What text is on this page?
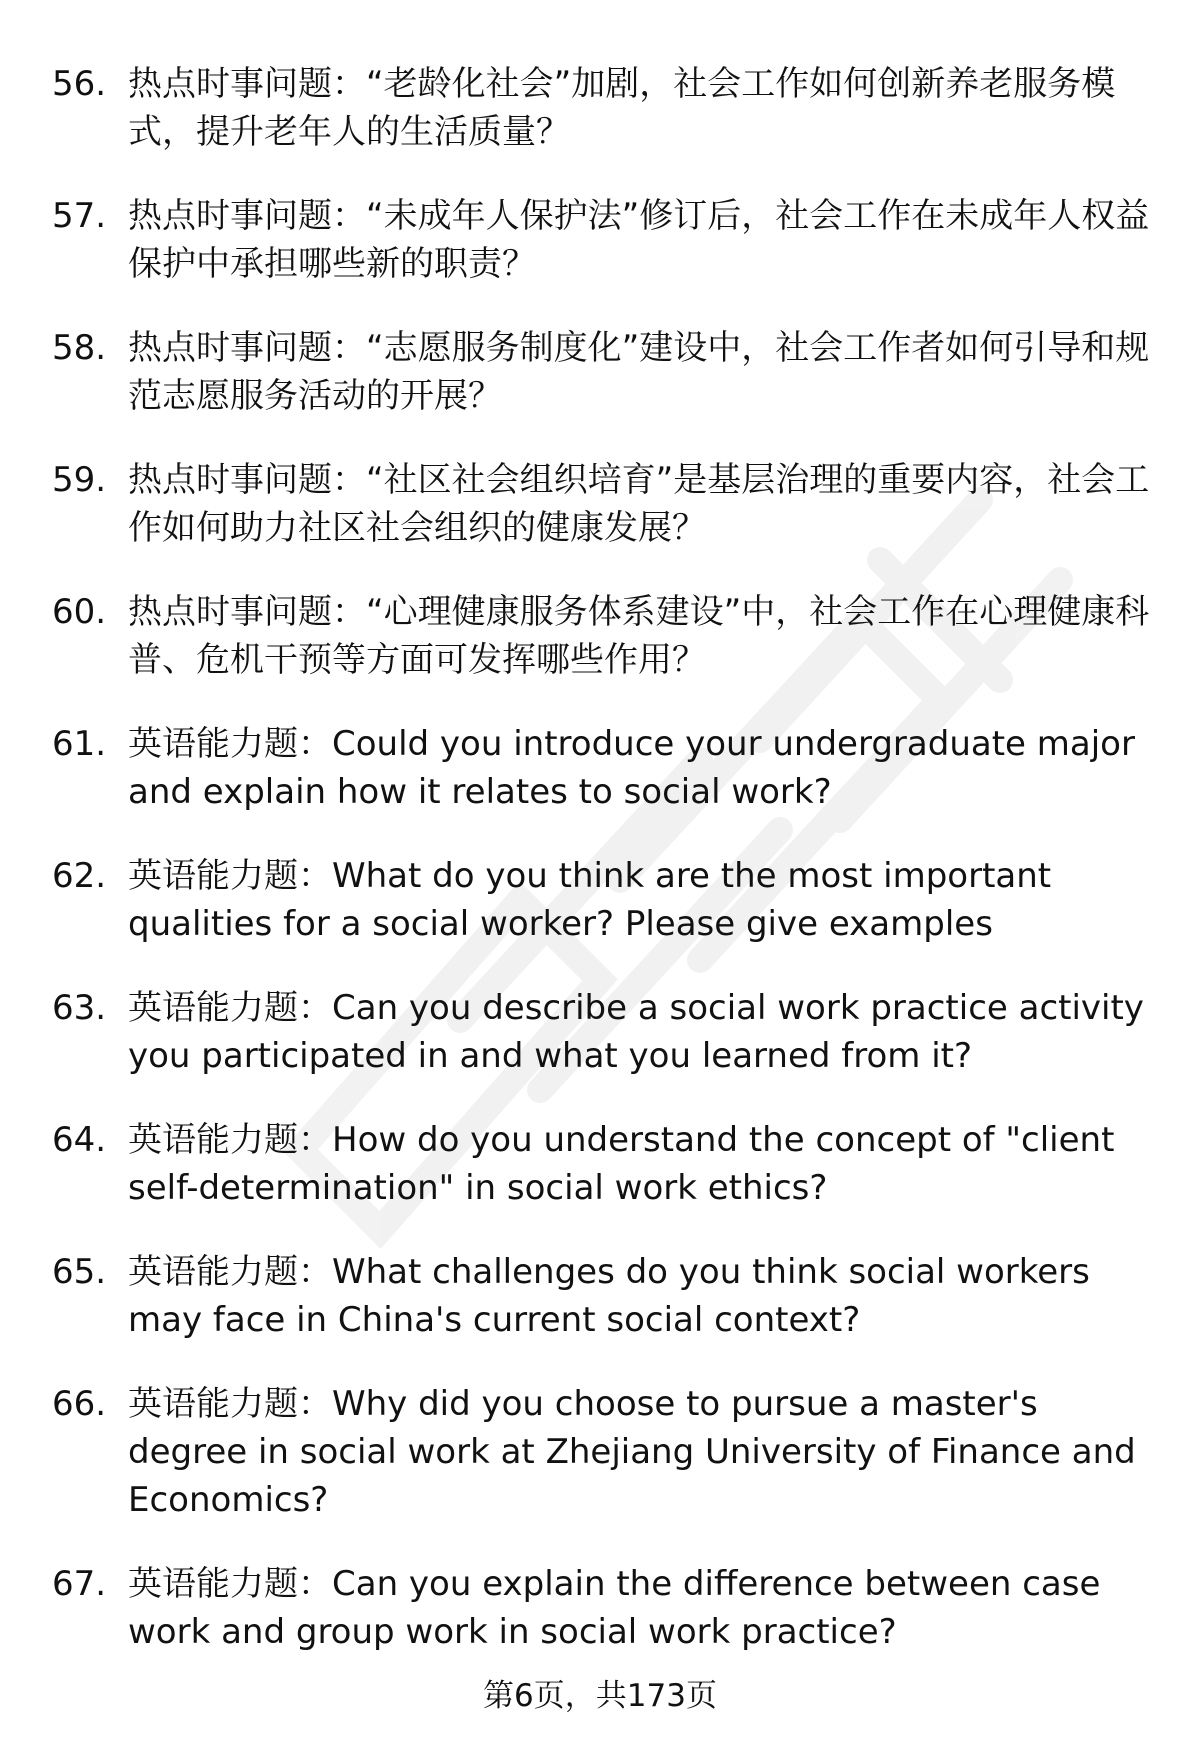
56. 热点时事问题：“老龄化社会”加剧，社会工作如何创新养老服务模式，提升老年人的生活质量？
57. 热点时事问题：“未成年人保护法”修订后，社会工作在未成年人权益保护中承担哪些新的职责？
58. 热点时事问题：“志愿服务制度化”建设中，社会工作者如何引导和规范志愿服务活动的开展？
59. 热点时事问题：“社区社会组织培育”是基层治理的重要内容，社会工作如何助力社区社会组织的健康发展？
60. 热点时事问题：“心理健康服务体系建设”中，社会工作在心理健康科普、危机干预等方面可发挥哪些作用？
61. 英语能力题：Could you introduce your undergraduate major and explain how it relates to social work?
62. 英语能力题：What do you think are the most important qualities for a social worker? Please give examples
63. 英语能力题：Can you describe a social work practice activity you participated in and what you learned from it?
64. 英语能力题：How do you understand the concept of "client self-determination" in social work ethics?
65. 英语能力题：What challenges do you think social workers may face in China's current social context?
66. 英语能力题：Why did you choose to pursue a master's degree in social work at Zhejiang University of Finance and Economics?
67. 英语能力题：Can you explain the difference between case work and group work in social work practice?
第6页，共173页
